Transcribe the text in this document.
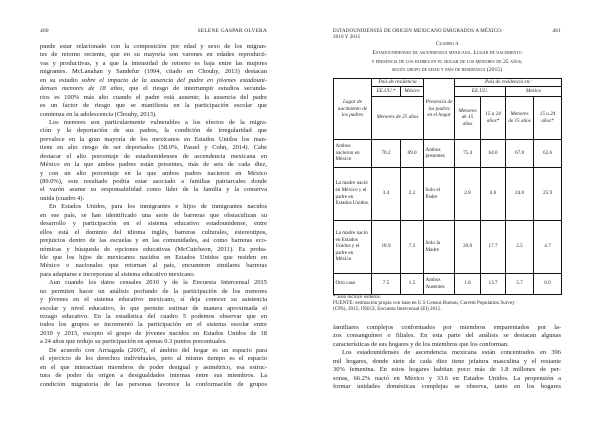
460	SELENE GASPAR OLVERA
puede estar relacionado con la composición por edad y sexo de los migran-
tes de retorno reciente, que en su mayoría son varones en edades reproducti-
vas y productivas, y a que la intensidad de retorno es baja entre las mujeres
migrantes. McLanahan y Sandefur (1994, citado en Chouhy, 2013) destacan
en su estudio sobre el impacto de la ausencia del padre en jóvenes estadouni-
denses menores de 18 años, que el riesgo de interrumpir estudios secunda-
rios es 100% más alto cuando el padre está ausente; la ausencia del padre
es un factor de riesgo que se manifiesta en la participación escolar que
comienza en la adolescencia (Chouhy, 2013).
Los menores son particularmente vulnerables a los efectos de la migra-
ción y la deportación de sus padres, la condición de irregularidad que
prevalece en la gran mayoría de los mexicanos en Estados Unidos los man-
tiene en alto riesgo de ser deportados (58.0%, Passel y Cohn, 2014). Cabe
destacar el alto porcentaje de estadounidenses de ascendencia mexicana en
México en la que ambos padres están presentes, más de seis de cada diez,
y con un alto porcentaje en la que ambos padres nacieron en México
(89.0%), este resultado podría estar asociado a familias patriarcales donde
el varón asume su responsabilidad como líder de la familia y la conserva
unida (cuadro 4).
En Estados Unidos, para los inmigrantes e hijos de inmigrantes nacidos
en ese país, se han identificado una serie de barreras que obstaculizan su
desarrollo y participación en el sistema educativo estadounidense, entre
ellos está el dominio del idioma inglés, barreras culturales, estereotipos,
prejuicios dentro de las escuelas y en las comunidades, así como barreras eco-
nómicas y búsqueda de opciones educativas (McCutcheon, 2011). Es proba-
ble que los hijos de mexicanos nacidos en Estados Unidos que residen en
México o nacionales que retornan al país, encuentren similares barreras
para adaptarse e incorporase al sistema educativo mexicano.
Aun cuando los datos censales 2010 y de la Encuesta Intercensal 2015
no permiten hacer un análisis profundo de la participación de los menores
y jóvenes en el sistema educativo mexicano, sí deja conocer su asistencia
escolar y nivel educativo, lo que permite estimar de manera aproximada el
rezago educativo. En la estadística del cuadro 5 podemos observar que en
todos los grupos se incrementó la participación en el sistema escolar entre
2010 y 2015, excepto el grupo de jóvenes nacidos en Estados Unidos de 18
a 24 años que redujo su participación en apenas 0.3 puntos porcentuales.
De acuerdo con Arriagada (2007), el ámbito del hogar es un espacio para
el ejercicio de los derechos individuales, pero al mismo tiempo es el espacio
en el que interactúan miembros de poder desigual y asimétrico, esa estruc-
tura de poder da origen a desigualdades internas entre sus miembros. La
condición migratoria de las personas favorece la conformación de grupos
ESTADOUNIDENSES DE ORIGEN MEXICANO EMIGRADOS A MÉXICO: 2010 Y 2015
461
Cuadro 4
Estadounidenses de ascendencia mexicana. Lugar de nacimiento
y presencia de los padres en el hogar de los menores de 25 años,
según grupo de edad y país de residencia (2015)
Lugar de nacimiento de los padres	País de residencia		Presencia de los padres en el hogar	País de residencia en:			
	EE.UU.*	México		EE.UU.		México	
	Menores de 25 años			Menores de 15 años	15 a 24 años*	Menores de 15 años	15 a 24 años*
Ambos nacieron en México	70.2	89.0	Ambos presentes	75.4	64.0	67.8	62.6
La madre nació en México y el padre en Estados Unidos.	3.4	2.2	Solo el Padre	2.8	4.6	24.0	25.9
La madre nació en Estados Unidos y el padre en México	18.9	7.3	Solo la Madre	20.0	17.7	2.5	4.7
Otro caso	7.5	1.5	Ambos Ausentes	1.8	13.7	5.7	6.9
* Sólo incluye solteros.
FUENTE: estimación propia con base en U.S Census Bureau, Current Population Survey
(CPS), 2015; INEGI, Encuesta Intercensal (EI) 2015.
familiares complejos conformados por miembros emparentados por la-
zos consanguíneo o filiales. En esta parte del análisis se destacan algunas
características de sus hogares y de los miembros que los conforman.
Los estadounidenses de ascendencia mexicana están concentrados en 396
mil hogares, donde siete de cada diez tiene jefatura masculina y el restante
30% femenina. En estos hogares habitan poco más de 1.8 millones de per-
sonas, 66.2% nació en México y 33.6 en Estados Unidos. La propensión a
formar unidades domésticas complejas se observa, tanto en los hogares
